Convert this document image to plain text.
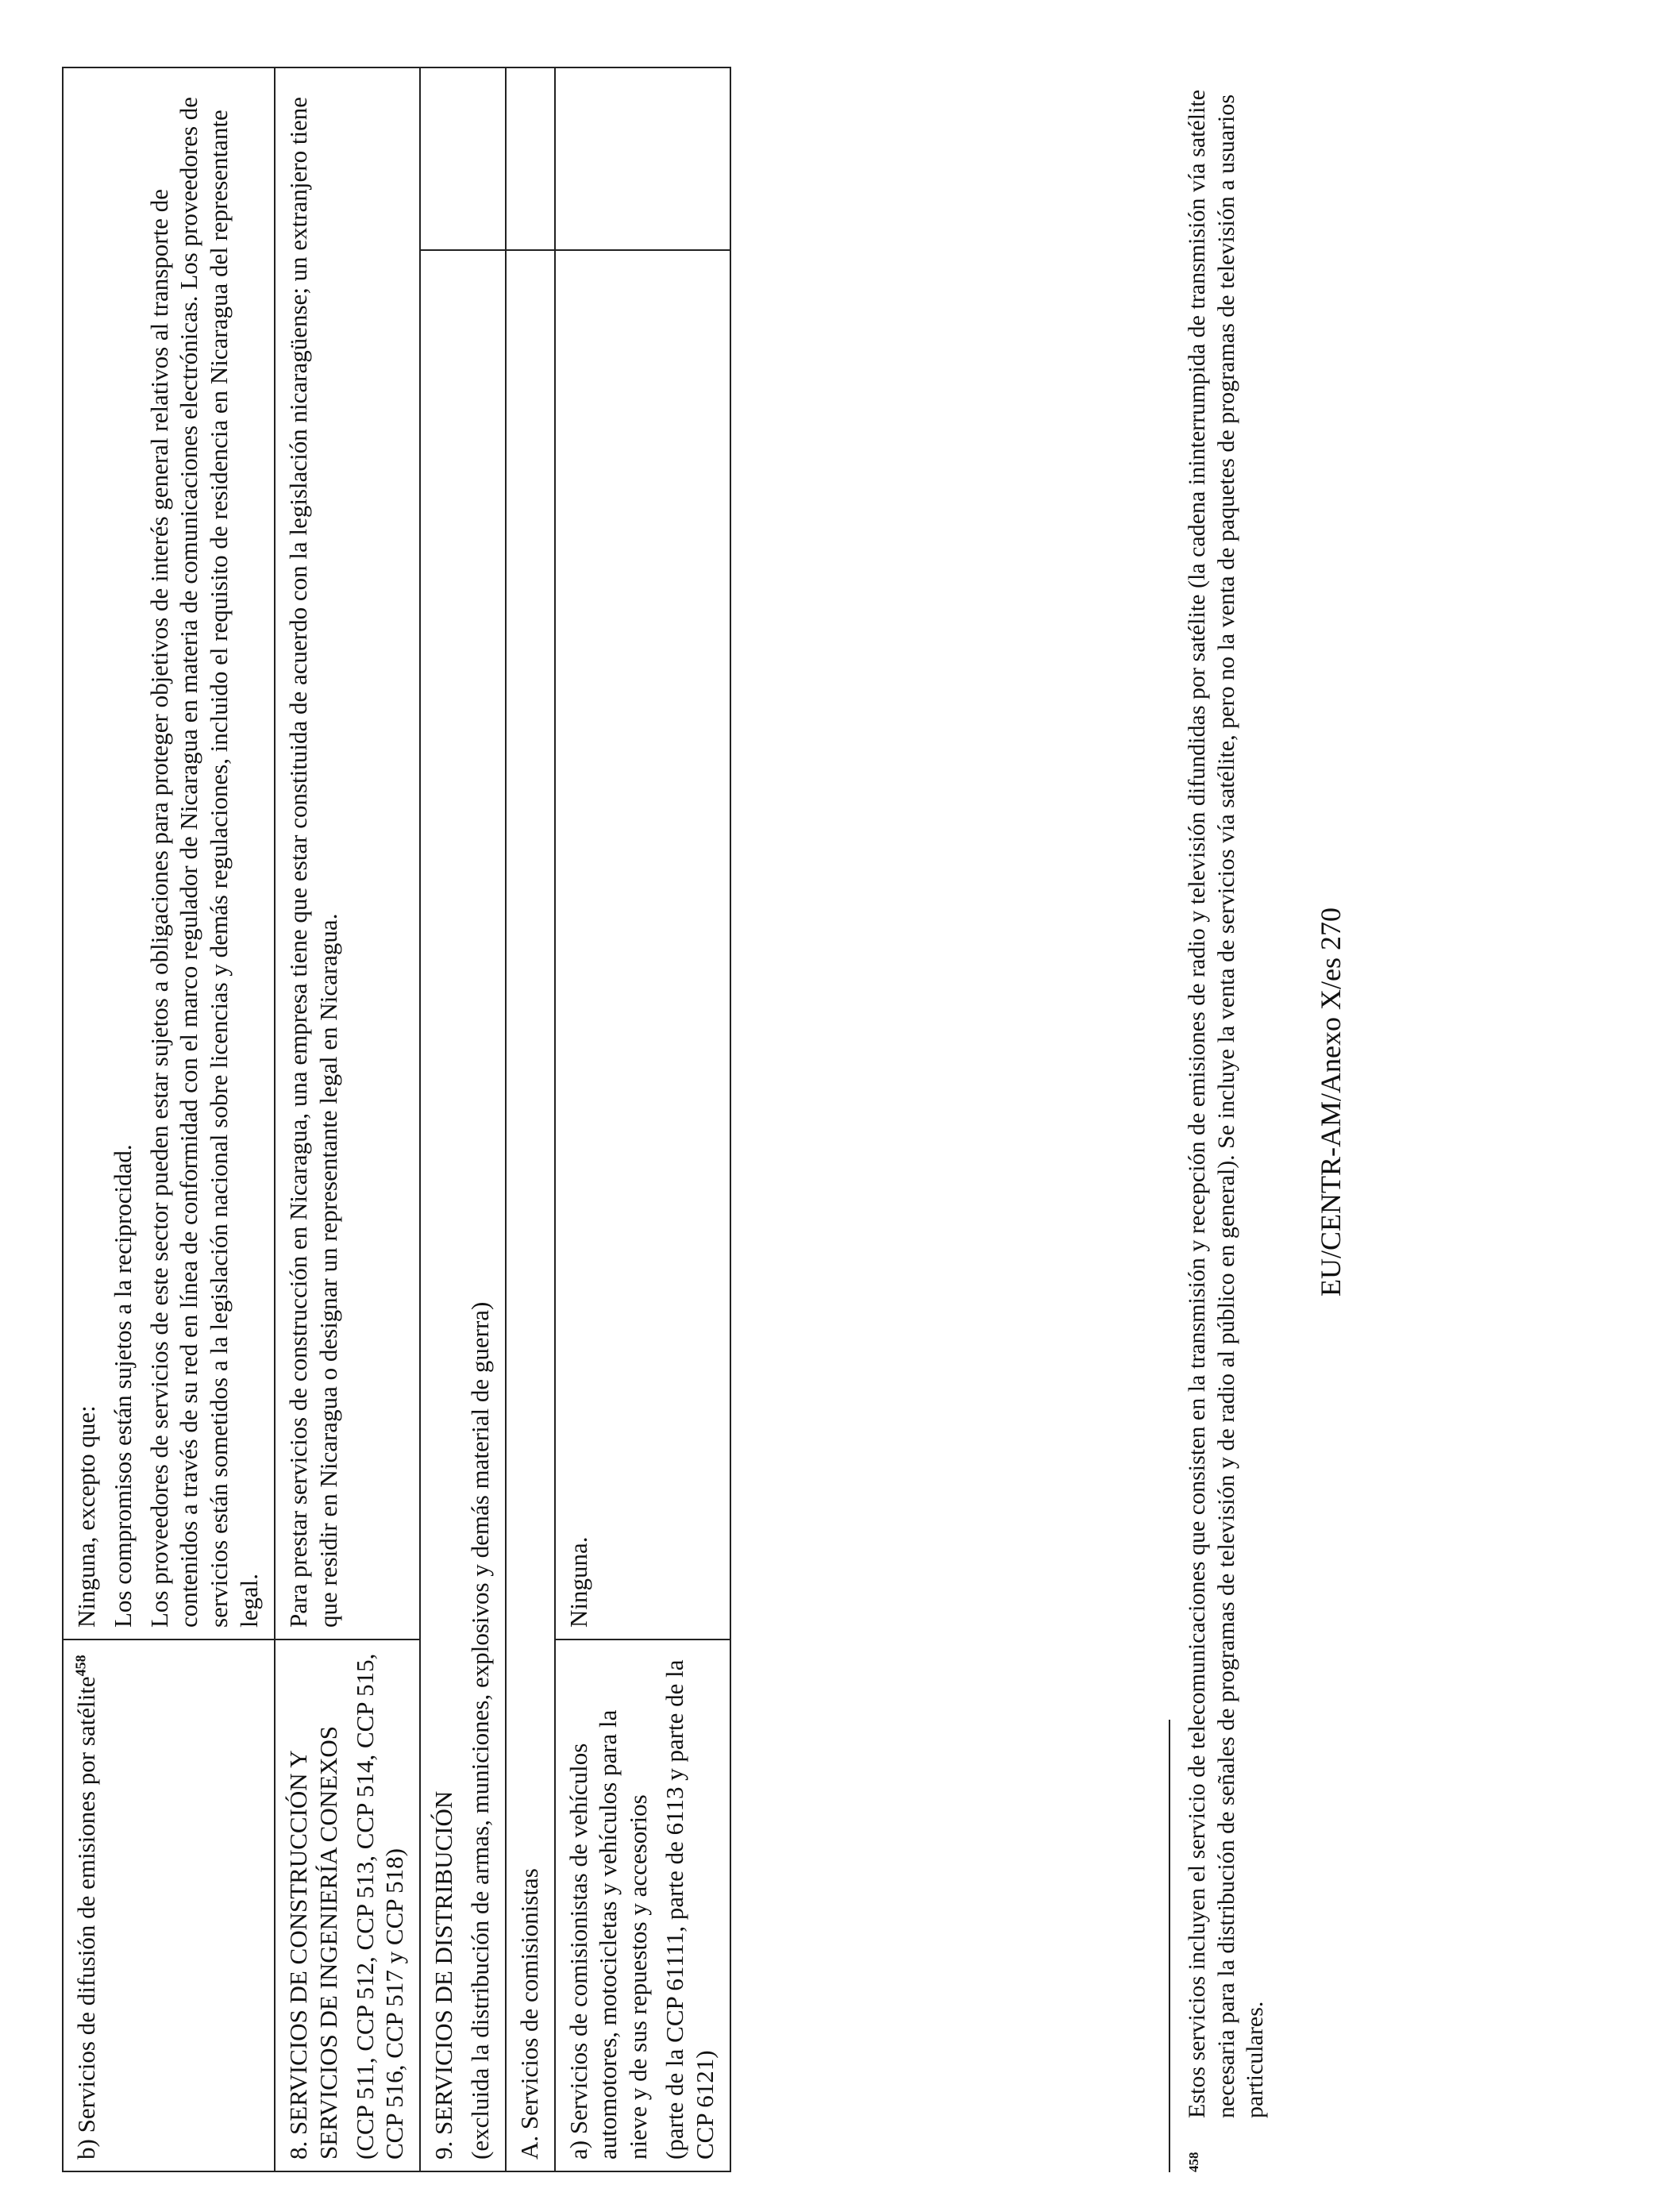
b) Servicios de difusión de emisiones por satélite$^{458}$	Ninguna, excepto que: Los compromisos están sujetos a la reciprocidad. Los proveedores de servicios de este sector pueden estar sujetos a obligaciones para proteger objetivos de interés general relativos al transporte de contenidos a través de su red en línea de conformidad con el marco regulador de Nicaragua en materia de comunicaciones electrónicas. Los proveedores de servicios están sometidos a la legislación nacional sobre licencias y demás regulaciones, incluido el requisito de residencia en Nicaragua del representante legal.	

8. SERVICIOS DE CONSTRUCCIÓN Y SERVICIOS DE INGENIERÍA CONEXOS (CCP 511, CCP 512, CCP 513, CCP 514, CCP 515, CCP 516, CCP 517 y CCP 518)	Para prestar servicios de construcción en Nicaragua, una empresa tiene que estar constituida de acuerdo con la legislación nicaragüense; un extranjero tiene que residir en Nicaragua o designar un representante legal en Nicaragua.	

9. SERVICIOS DE DISTRIBUCIÓN (excluida la distribución de armas, municiones, explosivos y demás material de guerra)		

A. Servicios de comisionistas		

a) Servicios de comisionistas de vehículos automotores, motocicletas y vehículos para la nieve y de sus repuestos y accesorios (parte de la CCP 61111, parte de 6113 y parte de la CCP 6121)	Ninguna.	

458
Estos servicios incluyen el servicio de telecomunicaciones que consisten en la transmisión y recepción de emisiones de radio y televisión difundidas por satélite (la cadena ininterrumpida de transmisión vía satélite necesaria para la distribución de señales de programas de televisión y de radio al público en general). Se incluye la venta de servicios vía satélite, pero no la venta de paquetes de programas de televisión a usuarios particulares.
EU/CENTR-AM/Anexo X/es 270
